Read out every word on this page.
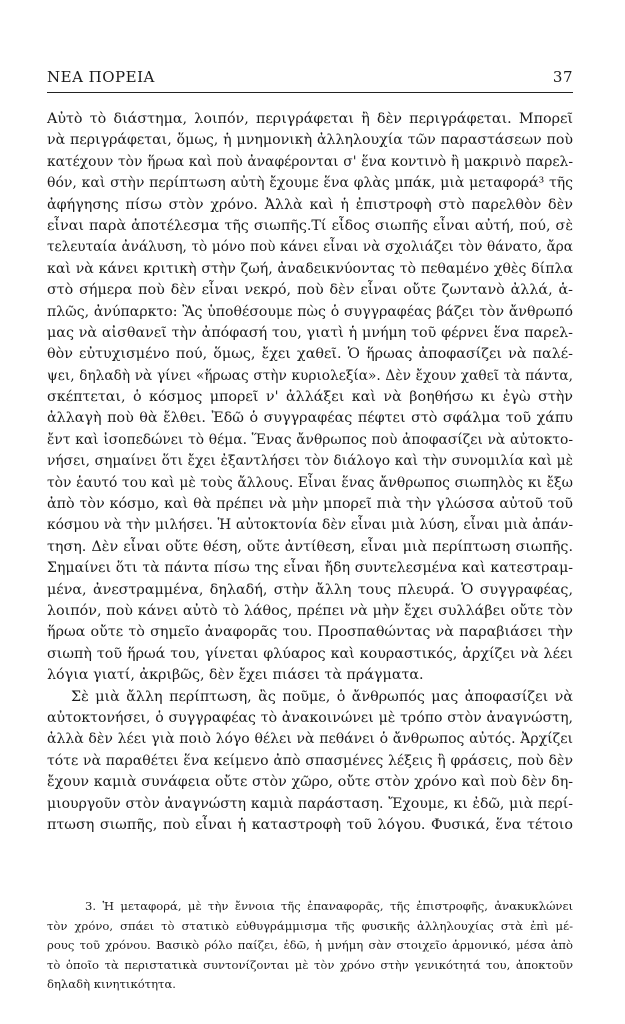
ΝΕΑ ΠΟΡΕΙΑ	37
Αὐτὸ τὸ διάστημα, λοιπόν, περιγράφεται ἢ δὲν περιγράφεται. Μπορεῖ
νὰ περιγράφεται, ὅμως, ἡ μνημονικὴ ἀλληλουχία τῶν παραστάσεων ποὺ
κατέχουν τὸν ἥρωα καὶ ποὺ ἀναφέρονται σ' ἕνα κοντινὸ ἢ μακρινὸ παρελ-
θόν, καὶ στὴν περίπτωση αὐτὴ ἔχουμε ἕνα φλὰς μπάκ, μιὰ μεταφορά³ τῆς
ἀφήγησης πίσω στὸν χρόνο. Ἀλλὰ καὶ ἡ ἐπιστροφὴ στὸ παρελθὸν δὲν
εἶναι παρὰ ἀποτέλεσμα τῆς σιωπῆς.Τί εἶδος σιωπῆς εἶναι αὐτή, πού, σὲ
τελευταία ἀνάλυση, τὸ μόνο ποὺ κάνει εἶναι νὰ σχολιάζει τὸν θάνατο, ἄρα
καὶ νὰ κάνει κριτικὴ στὴν ζωή, ἀναδεικνύοντας τὸ πεθαμένο χθὲς δίπλα
στὸ σήμερα ποὺ δὲν εἶναι νεκρό, ποὺ δὲν εἶναι οὔτε ζωντανὸ ἀλλά, ἁ-
πλῶς, ἀνύπαρκτο: Ἂς ὑποθέσουμε πὼς ὁ συγγραφέας βάζει τὸν ἄνθρωπό
μας νὰ αἰσθανεῖ τὴν ἀπόφασή του, γιατὶ ἡ μνήμη τοῦ φέρνει ἕνα παρελ-
θὸν εὐτυχισμένο πού, ὅμως, ἔχει χαθεῖ. Ὁ ἥρωας ἀποφασίζει νὰ παλέ-
ψει, δηλαδὴ νὰ γίνει «ἥρωας στὴν κυριολεξία». Δὲν ἔχουν χαθεῖ τὰ πάντα,
σκέπτεται, ὁ κόσμος μπορεῖ ν' ἀλλάξει καὶ νὰ βοηθήσω κι ἐγὼ στὴν
ἀλλαγὴ ποὺ θὰ ἔλθει. Ἐδῶ ὁ συγγραφέας πέφτει στὸ σφάλμα τοῦ χάπυ
ἔντ καὶ ἰσοπεδώνει τὸ θέμα. Ἕνας ἄνθρωπος ποὺ ἀποφασίζει νὰ αὐτοκτο-
νήσει, σημαίνει ὅτι ἔχει ἐξαντλήσει τὸν διάλογο καὶ τὴν συνομιλία καὶ μὲ
τὸν ἑαυτό του καὶ μὲ τοὺς ἄλλους. Εἶναι ἕνας ἄνθρωπος σιωπηλὸς κι ἔξω
ἀπὸ τὸν κόσμο, καὶ θὰ πρέπει νὰ μὴν μπορεῖ πιὰ τὴν γλώσσα αὐτοῦ τοῦ
κόσμου νὰ τὴν μιλήσει. Ἡ αὐτοκτονία δὲν εἶναι μιὰ λύση, εἶναι μιὰ ἀπάν-
τηση. Δὲν εἶναι οὔτε θέση, οὔτε ἀντίθεση, εἶναι μιὰ περίπτωση σιωπῆς.
Σημαίνει ὅτι τὰ πάντα πίσω της εἶναι ἤδη συντελεσμένα καὶ κατεστραμ-
μένα, ἀνεστραμμένα, δηλαδή, στὴν ἄλλη τους πλευρά. Ὁ συγγραφέας,
λοιπόν, ποὺ κάνει αὐτὸ τὸ λάθος, πρέπει νὰ μὴν ἔχει συλλάβει οὔτε τὸν
ἥρωα οὔτε τὸ σημεῖο ἀναφορᾶς του. Προσπαθώντας νὰ παραβιάσει τὴν
σιωπὴ τοῦ ἥρωά του, γίνεται φλύαρος καὶ κουραστικός, ἀρχίζει νὰ λέει
λόγια γιατί, ἀκριβῶς, δὲν ἔχει πιάσει τὰ πράγματα.
Σὲ μιὰ ἄλλη περίπτωση, ἂς ποῦμε, ὁ ἄνθρωπός μας ἀποφασίζει νὰ
αὐτοκτονήσει, ὁ συγγραφέας τὸ ἀνακοινώνει μὲ τρόπο στὸν ἀναγνώστη,
ἀλλὰ δὲν λέει γιὰ ποιὸ λόγο θέλει νὰ πεθάνει ὁ ἄνθρωπος αὐτός. Ἀρχίζει
τότε νὰ παραθέτει ἕνα κείμενο ἀπὸ σπασμένες λέξεις ἢ φράσεις, ποὺ δὲν
ἔχουν καμιὰ συνάφεια οὔτε στὸν χῶρο, οὔτε στὸν χρόνο καὶ ποὺ δὲν δη-
μιουργοῦν στὸν ἀναγνώστη καμιὰ παράσταση. Ἔχουμε, κι ἐδῶ, μιὰ περί-
πτωση σιωπῆς, ποὺ εἶναι ἡ καταστροφὴ τοῦ λόγου. Φυσικά, ἕνα τέτοιο
3. Ἡ μεταφορά, μὲ τὴν ἔννοια τῆς ἐπαναφορᾶς, τῆς ἐπιστροφῆς, ἀνακυκλώνει
τὸν χρόνο, σπάει τὸ στατικὸ εὐθυγράμμισμα τῆς φυσικῆς ἀλληλουχίας στὰ ἐπὶ μέ-
ρους τοῦ χρόνου. Βασικὸ ρόλο παίζει, ἐδῶ, ἡ μνήμη σὰν στοιχεῖο ἁρμονικό, μέσα ἀπὸ
τὸ ὁποῖο τὰ περιστατικὰ συντονίζονται μὲ τὸν χρόνο στὴν γενικότητά του, ἀποκτοῦν
δηλαδὴ κινητικότητα.
